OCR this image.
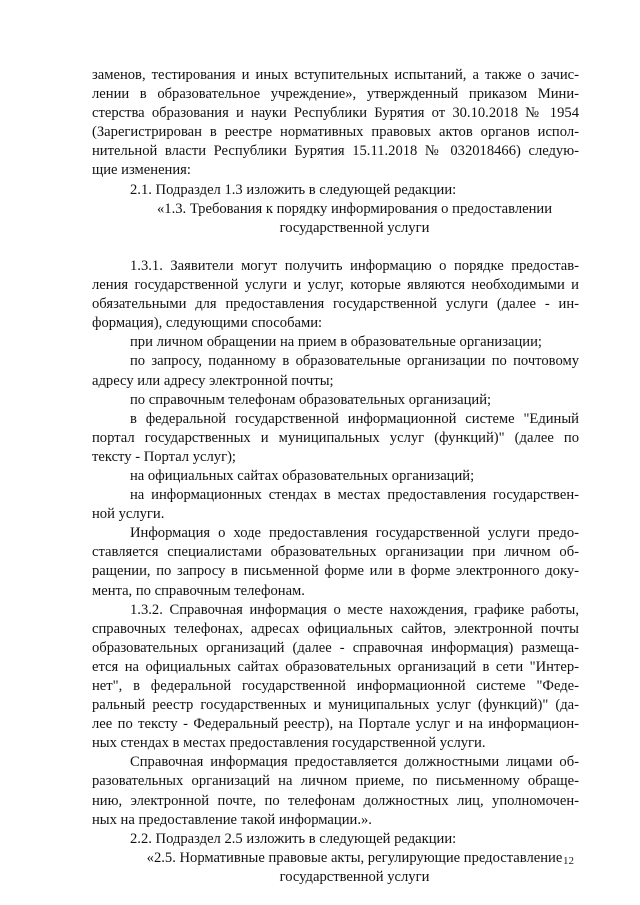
заменов, тестирования и иных вступительных испытаний, а также о зачис-
лении в образовательное учреждение», утвержденный приказом Мини-
стерства образования и науки Республики Бурятия от 30.10.2018 № 1954
(Зарегистрирован в реестре нормативных правовых актов органов испол-
нительной власти Республики Бурятия 15.11.2018 № 032018466) следую-
щие изменения:
2.1. Подраздел 1.3 изложить в следующей редакции:
«1.3. Требования к порядку информирования о предоставлении
государственной услуги
1.3.1. Заявители могут получить информацию о порядке предостав-
ления государственной услуги и услуг, которые являются необходимыми и
обязательными для предоставления государственной услуги (далее - ин-
формация), следующими способами:
при личном обращении на прием в образовательные организации;
по запросу, поданному в образовательные организации по почтовому
адресу или адресу электронной почты;
по справочным телефонам образовательных организаций;
в федеральной государственной информационной системе "Единый
портал государственных и муниципальных услуг (функций)" (далее по
тексту - Портал услуг);
на официальных сайтах образовательных организаций;
на информационных стендах в местах предоставления государствен-
ной услуги.
Информация о ходе предоставления государственной услуги предо-
ставляется специалистами образовательных организации при личном об-
ращении, по запросу в письменной форме или в форме электронного доку-
мента, по справочным телефонам.
1.3.2. Справочная информация о месте нахождения, графике работы,
справочных телефонах, адресах официальных сайтов, электронной почты
образовательных организаций (далее - справочная информация) размеща-
ется на официальных сайтах образовательных организаций в сети "Интер-
нет", в федеральной государственной информационной системе "Феде-
ральный реестр государственных и муниципальных услуг (функций)" (да-
лее по тексту - Федеральный реестр), на Портале услуг и на информацион-
ных стендах в местах предоставления государственной услуги.
Справочная информация предоставляется должностными лицами об-
разовательных организаций на личном приеме, по письменному обраще-
нию, электронной почте, по телефонам должностных лиц, уполномочен-
ных на предоставление такой информации.».
2.2. Подраздел 2.5 изложить в следующей редакции:
«2.5. Нормативные правовые акты, регулирующие предоставление
государственной услуги
12
